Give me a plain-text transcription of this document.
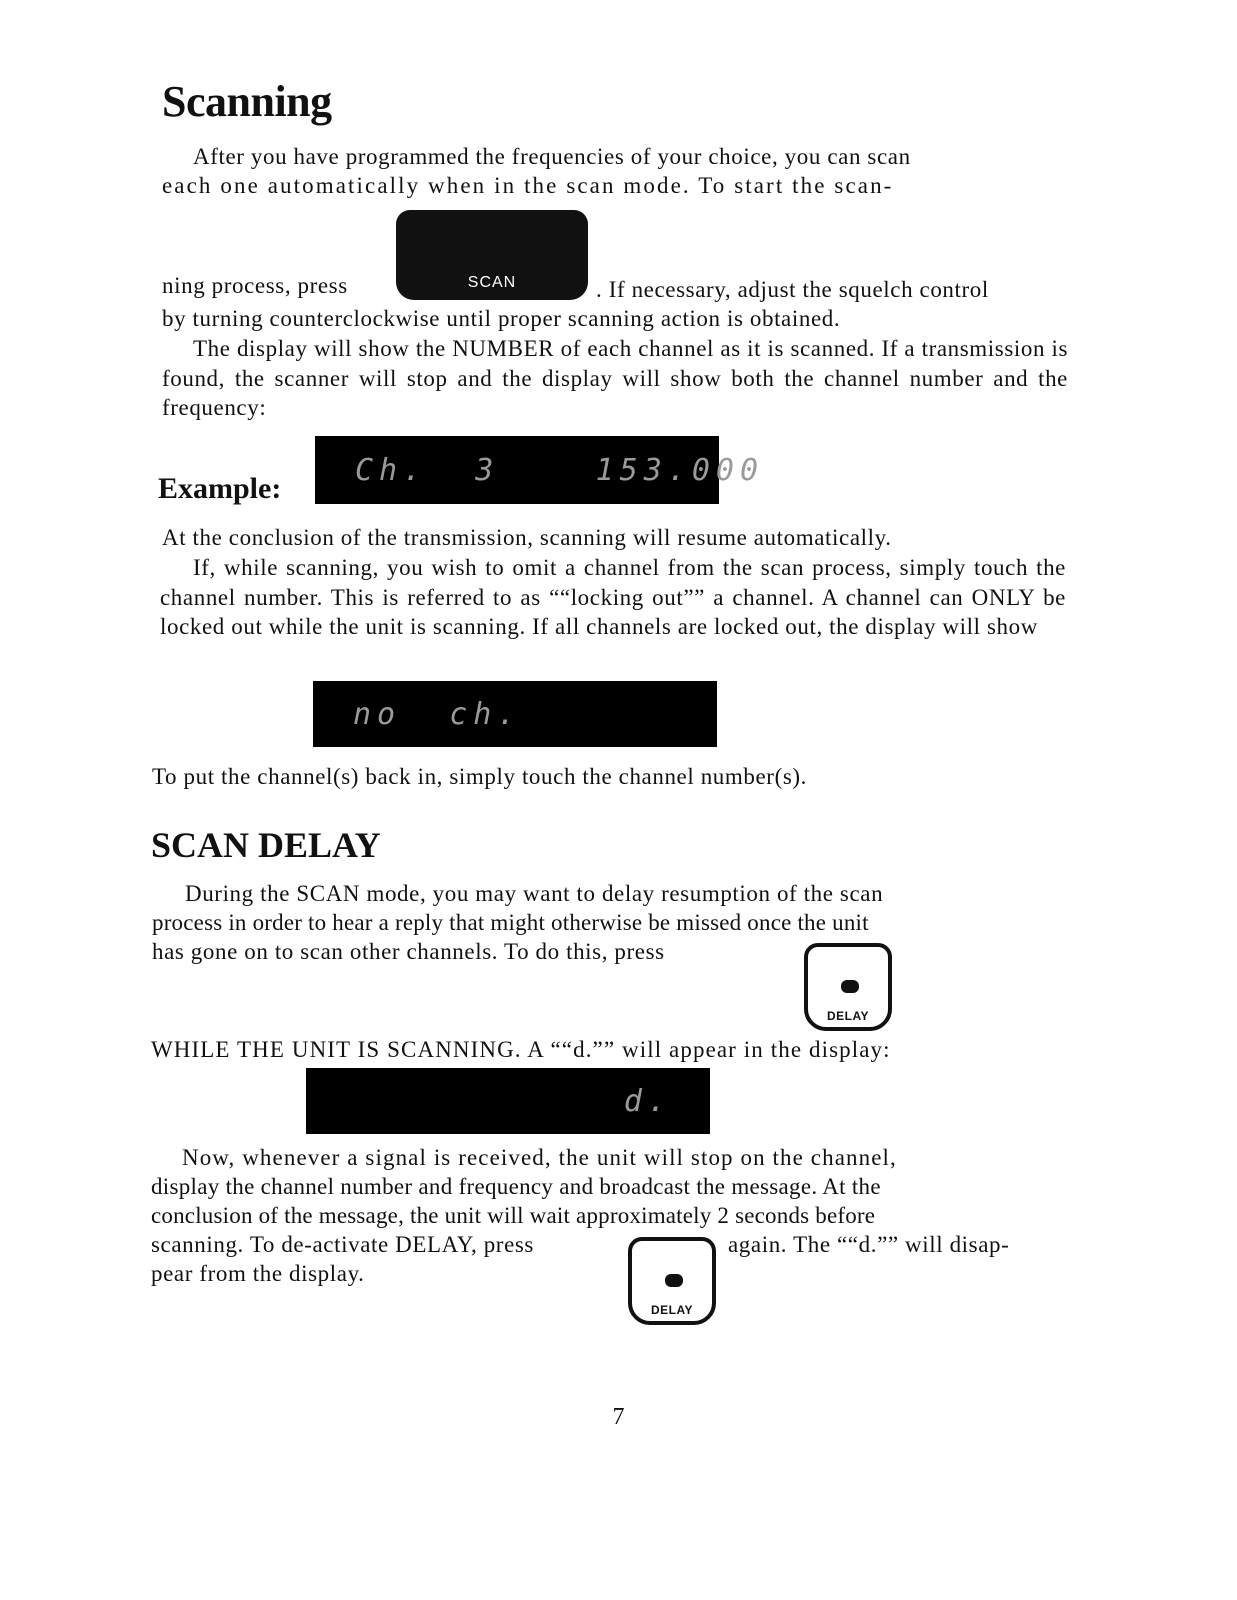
Scanning

After you have programmed the frequencies of your choice, you can scan

each one automatically when in the scan mode. To start the scan-

SCAN

ning process, press	. If necessary, adjust the squelch control

by turning counterclockwise until proper scanning action is obtained.

The display will show the NUMBER of each channel as it is scanned. If a transmission is found, the scanner will stop and the display will show both the channel number and the frequency:

Example:
Ch.  3    153.000

At the conclusion of the transmission, scanning will resume automatically.

If, while scanning, you wish to omit a channel from the scan process, simply touch the channel number. This is referred to as ““locking out”” a channel. A channel can ONLY be locked out while the unit is scanning. If all channels are locked out, the display will show

no  ch.

To put the channel(s) back in, simply touch the channel number(s).

SCAN DELAY

During the SCAN mode, you may want to delay resumption of the scan

process in order to hear a reply that might otherwise be missed once the unit

has gone on to scan other channels. To do this, press

DELAY

WHILE THE UNIT IS SCANNING. A ““d.”” will appear in the display:

d.

Now, whenever a signal is received, the unit will stop on the channel,

display the channel number and frequency and broadcast the message. At the

conclusion of the message, the unit will wait approximately 2 seconds before

scanning. To de-activate DELAY, press

DELAY

again. The ““d.”” will disap-

pear from the display.

7
